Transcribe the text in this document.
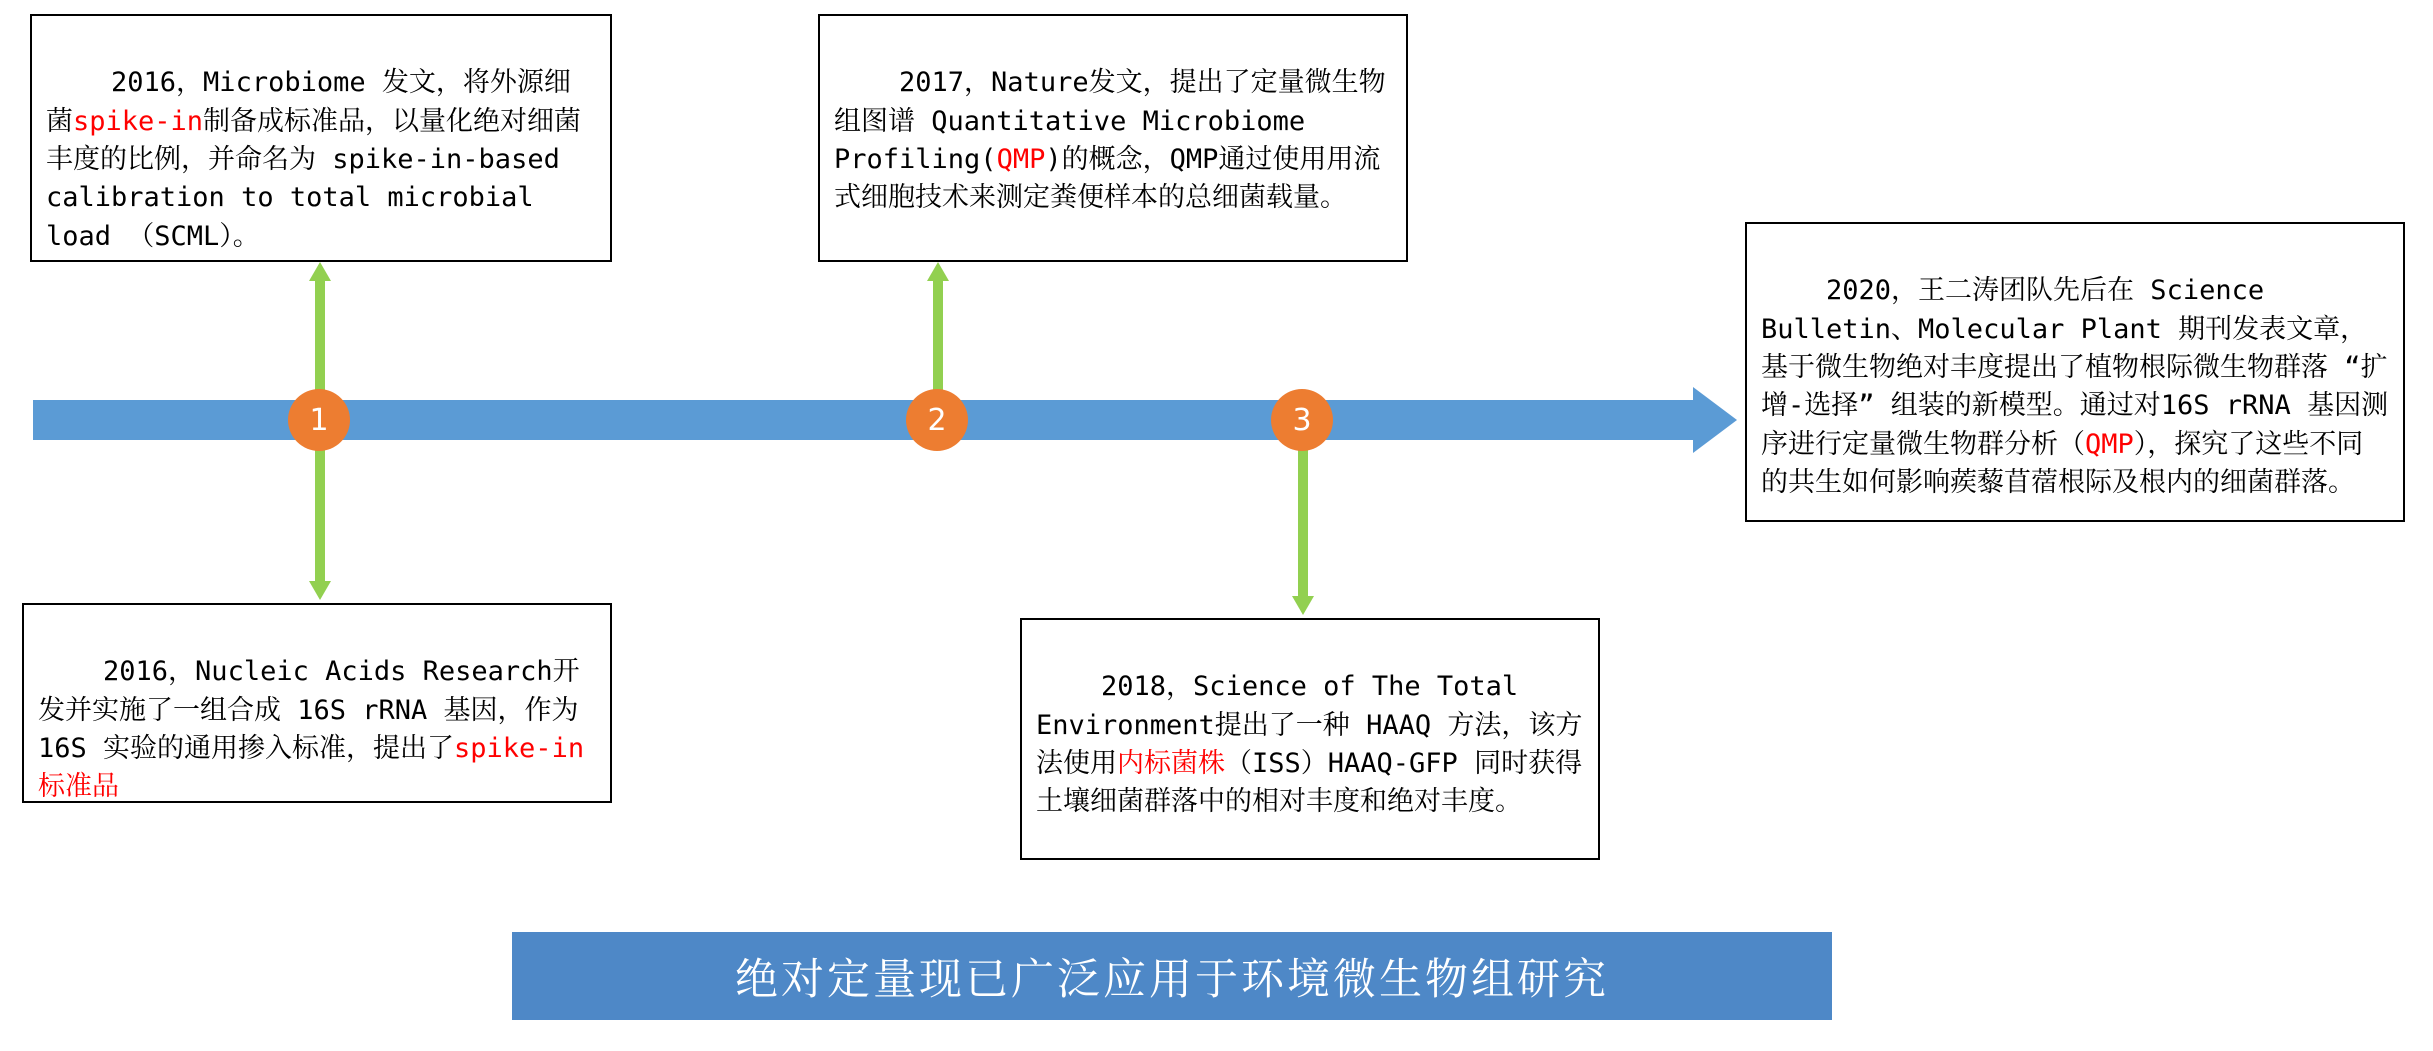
2016，Microbiome 发文，将外源细菌spike-in制备成标准品，以量化绝对细菌丰度的比例，并命名为 spike-in-based calibration to total microbial load （SCML）。

2017，Nature发文，提出了定量微生物组图谱 Quantitative Microbiome Profiling(QMP)的概念，QMP通过使用用流式细胞技术来测定粪便样本的总细菌载量。

2020，王二涛团队先后在 Science Bulletin、Molecular Plant 期刊发表文章，基于微生物绝对丰度提出了植物根际微生物群落 “扩增-选择” 组装的新模型。通过对16S rRNA 基因测序进行定量微生物群分析（QMP），探究了这些不同的共生如何影响蒺藜苜蓿根际及根内的细菌群落。

2016，Nucleic Acids Research开发并实施了一组合成 16S rRNA 基因，作为 16S 实验的通用掺入标准，提出了spike-in 标准品

2018，Science of The Total Environment提出了一种 HAAQ 方法，该方法使用内标菌株（ISS）HAAQ-GFP 同时获得土壤细菌群落中的相对丰度和绝对丰度。

1	2	3
绝对定量现已广泛应用于环境微生物组研究
